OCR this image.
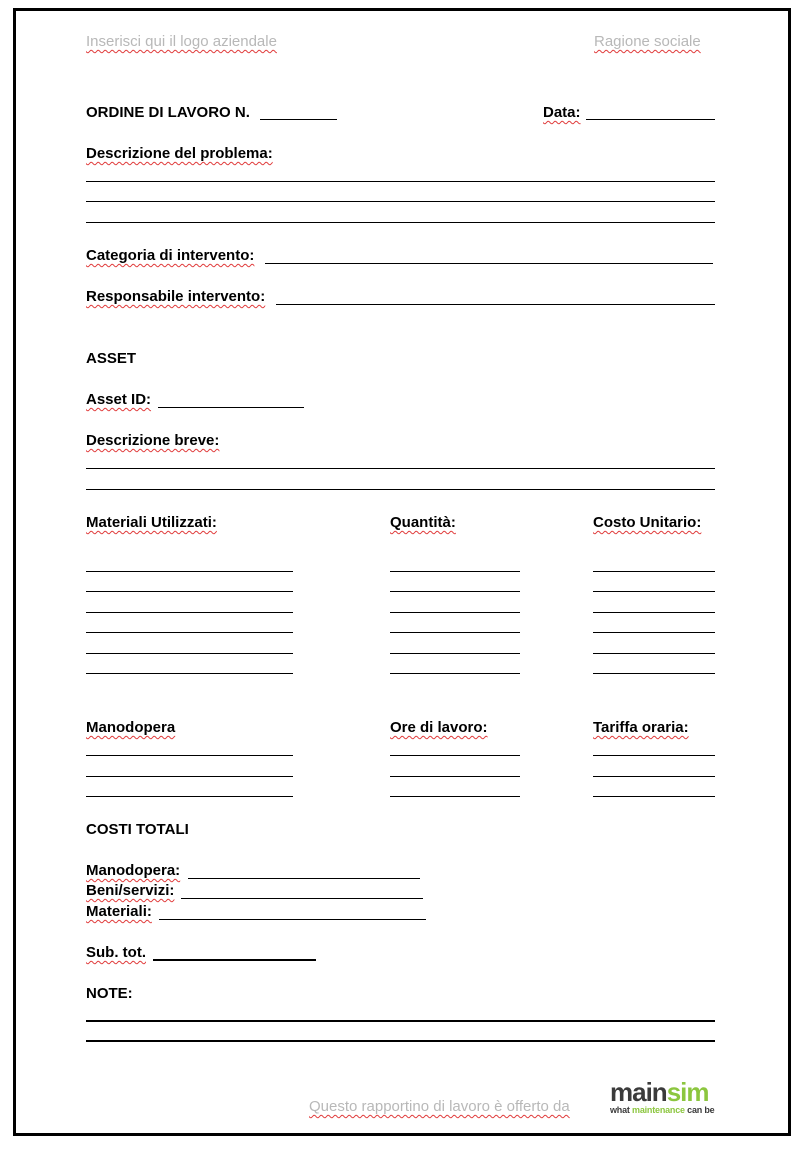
Inserisci qui il logo aziendale	Ragione sociale
ORDINE DI LAVORO N.	Data:
Descrizione del problema:
Categoria di intervento:
Responsabile intervento:
ASSET
Asset ID:
Descrizione breve:
Materiali Utilizzati:	Quantità:	Costo Unitario:
Manodopera	Ore di lavoro:	Tariffa oraria:
COSTI TOTALI
Manodopera:
Beni/servizi:
Materiali:
Sub. tot.
NOTE:
Questo rapportino di lavoro è offerto da mainsim
what maintenance can be
